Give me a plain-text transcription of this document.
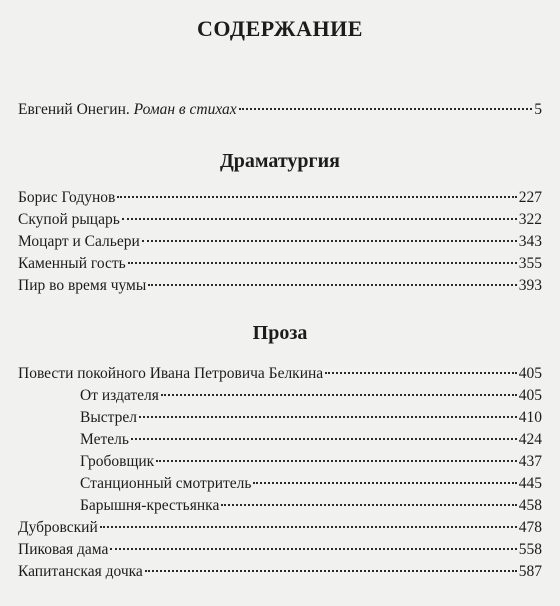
СОДЕРЖАНИЕ
Евгений Онегин. Роман в стихах	5
Драматургия
Борис Годунов	227
Скупой рыцарь	322
Моцарт и Сальери	343
Каменный гость	355
Пир во время чумы	393
Проза
Повести покойного Ивана Петровича Белкина	405
От издателя	405
Выстрел	410
Метель	424
Гробовщик	437
Станционный смотритель	445
Барышня-крестьянка	458
Дубровский	478
Пиковая дама	558
Капитанская дочка	587
